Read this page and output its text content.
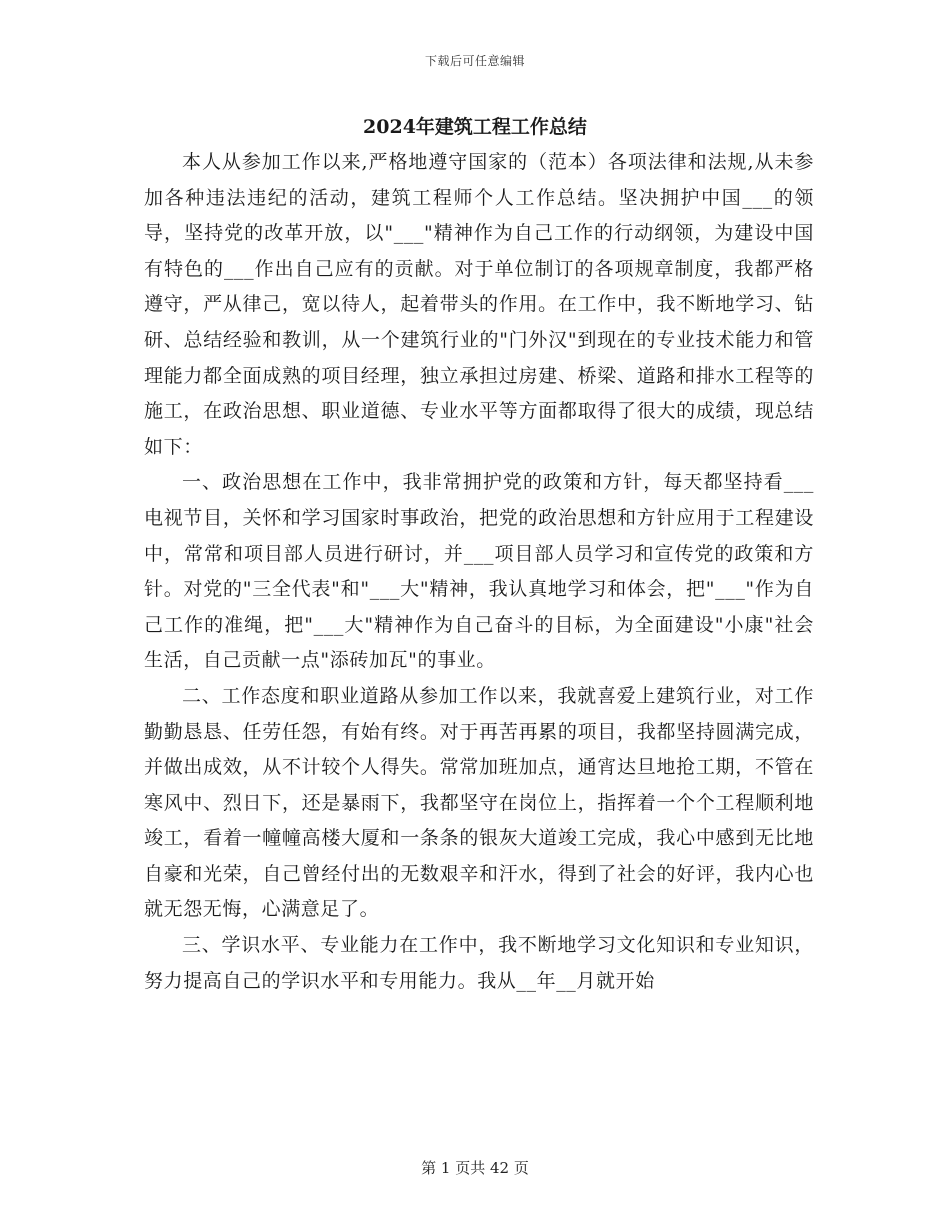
下载后可任意编辑
2024年建筑工程工作总结

本人从参加工作以来,严格地遵守国家的（范本）各项法律和法规,从未参加各种违法违纪的活动，建筑工程师个人工作总结。坚决拥护中国___的领导，坚持党的改革开放，以"___"精神作为自己工作的行动纲领，为建设中国有特色的___作出自己应有的贡献。对于单位制订的各项规章制度，我都严格遵守，严从律己，宽以待人，起着带头的作用。在工作中，我不断地学习、钻研、总结经验和教训，从一个建筑行业的"门外汉"到现在的专业技术能力和管理能力都全面成熟的项目经理，独立承担过房建、桥梁、道路和排水工程等的施工，在政治思想、职业道德、专业水平等方面都取得了很大的成绩，现总结如下：

一、政治思想在工作中，我非常拥护党的政策和方针，每天都坚持看___电视节目，关怀和学习国家时事政治，把党的政治思想和方针应用于工程建设中，常常和项目部人员进行研讨，并___项目部人员学习和宣传党的政策和方针。对党的"三全代表"和"___大"精神，我认真地学习和体会，把"___"作为自己工作的准绳，把"___大"精神作为自己奋斗的目标，为全面建设"小康"社会生活，自己贡献一点"添砖加瓦"的事业。

二、工作态度和职业道路从参加工作以来，我就喜爱上建筑行业，对工作勤勤恳恳、任劳任怨，有始有终。对于再苦再累的项目，我都坚持圆满完成，并做出成效，从不计较个人得失。常常加班加点，通宵达旦地抢工期，不管在寒风中、烈日下，还是暴雨下，我都坚守在岗位上，指挥着一个个工程顺利地竣工，看着一幢幢高楼大厦和一条条的银灰大道竣工完成，我心中感到无比地自豪和光荣，自己曾经付出的无数艰辛和汗水，得到了社会的好评，我内心也就无怨无悔，心满意足了。

三、学识水平、专业能力在工作中，我不断地学习文化知识和专业知识，努力提高自己的学识水平和专用能力。我从__年__月就开始

第 1 页共 42 页
